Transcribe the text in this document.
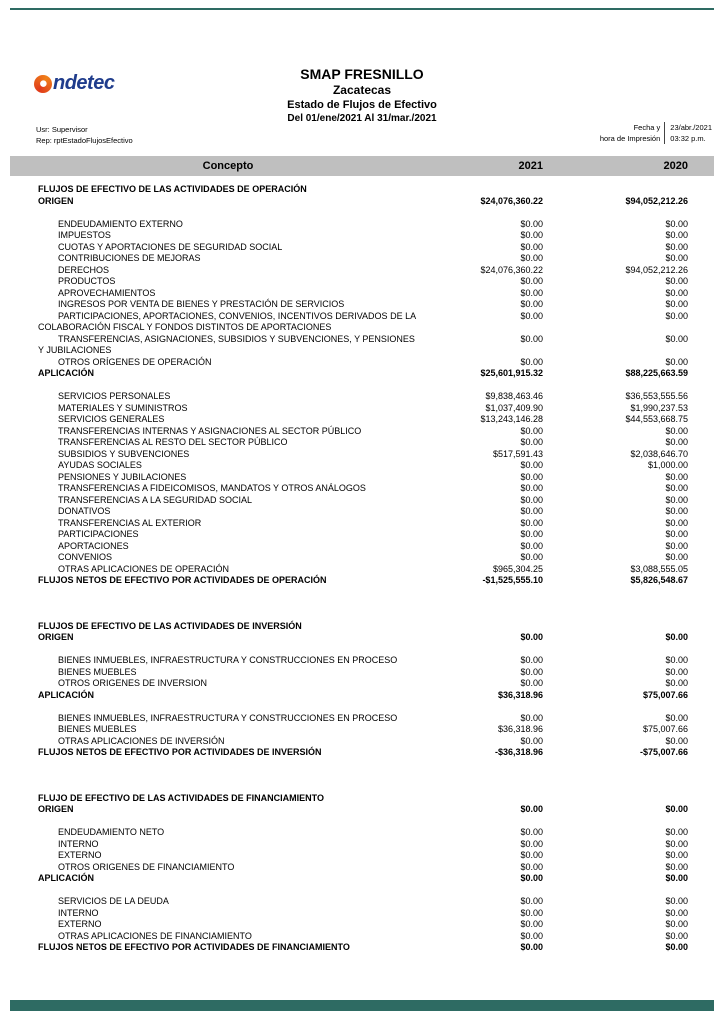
ndetec	SMAP FRESNILLO
Zacatecas
Estado de Flujos de Efectivo
Del 01/ene/2021 Al 31/mar./2021
Usr: Supervisor
Rep: rptEstadoFlujosEfectivo
Fecha y	23/abr./2021
hora de Impresión	03:32 p.m.
Concepto	2021	2020
FLUJOS DE EFECTIVO DE LAS ACTIVIDADES DE OPERACIÓN
ORIGEN	$24,076,360.22	$94,052,212.26
ENDEUDAMIENTO EXTERNO	$0.00	$0.00
IMPUESTOS	$0.00	$0.00
CUOTAS Y APORTACIONES DE SEGURIDAD SOCIAL	$0.00	$0.00
CONTRIBUCIONES DE MEJORAS	$0.00	$0.00
DERECHOS	$24,076,360.22	$94,052,212.26
PRODUCTOS	$0.00	$0.00
APROVECHAMIENTOS	$0.00	$0.00
INGRESOS POR VENTA DE BIENES Y PRESTACIÓN DE SERVICIOS	$0.00	$0.00
PARTICIPACIONES, APORTACIONES, CONVENIOS, INCENTIVOS DERIVADOS DE LA COLABORACIÓN FISCAL Y FONDOS DISTINTOS DE APORTACIONES
$0.00	$0.00
TRANSFERENCIAS, ASIGNACIONES, SUBSIDIOS Y SUBVENCIONES, Y PENSIONES Y JUBILACIONES
$0.00	$0.00
OTROS ORÍGENES DE OPERACIÓN	$0.00	$0.00
APLICACIÓN	$25,601,915.32	$88,225,663.59
SERVICIOS PERSONALES	$9,838,463.46	$36,553,555.56
MATERIALES Y SUMINISTROS	$1,037,409.90	$1,990,237.53
SERVICIOS GENERALES	$13,243,146.28	$44,553,668.75
TRANSFERENCIAS INTERNAS Y ASIGNACIONES AL SECTOR PÚBLICO	$0.00	$0.00
TRANSFERENCIAS AL RESTO DEL SECTOR PÚBLICO	$0.00	$0.00
SUBSIDIOS Y SUBVENCIONES	$517,591.43	$2,038,646.70
AYUDAS SOCIALES	$0.00	$1,000.00
PENSIONES Y JUBILACIONES	$0.00	$0.00
TRANSFERENCIAS A FIDEICOMISOS, MANDATOS Y OTROS ANÁLOGOS	$0.00	$0.00
TRANSFERENCIAS A LA SEGURIDAD SOCIAL	$0.00	$0.00
DONATIVOS	$0.00	$0.00
TRANSFERENCIAS AL EXTERIOR	$0.00	$0.00
PARTICIPACIONES	$0.00	$0.00
APORTACIONES	$0.00	$0.00
CONVENIOS	$0.00	$0.00
OTRAS APLICACIONES DE OPERACIÓN	$965,304.25	$3,088,555.05
FLUJOS NETOS DE EFECTIVO POR ACTIVIDADES DE OPERACIÓN	-$1,525,555.10	$5,826,548.67
FLUJOS DE EFECTIVO DE LAS ACTIVIDADES DE INVERSIÓN
ORIGEN	$0.00	$0.00
BIENES INMUEBLES, INFRAESTRUCTURA Y CONSTRUCCIONES EN PROCESO	$0.00	$0.00
BIENES MUEBLES	$0.00	$0.00
OTROS ORIGENES DE INVERSION	$0.00	$0.00
APLICACIÓN	$36,318.96	$75,007.66
BIENES INMUEBLES, INFRAESTRUCTURA Y CONSTRUCCIONES EN PROCESO	$0.00	$0.00
BIENES MUEBLES	$36,318.96	$75,007.66
OTRAS APLICACIONES DE INVERSIÓN	$0.00	$0.00
FLUJOS NETOS DE EFECTIVO POR ACTIVIDADES DE INVERSIÓN	-$36,318.96	-$75,007.66
FLUJO DE EFECTIVO DE LAS ACTIVIDADES DE FINANCIAMIENTO
ORIGEN	$0.00	$0.00
ENDEUDAMIENTO NETO	$0.00	$0.00
INTERNO	$0.00	$0.00
EXTERNO	$0.00	$0.00
OTROS ORIGENES DE FINANCIAMIENTO	$0.00	$0.00
APLICACIÓN	$0.00	$0.00
SERVICIOS DE LA DEUDA	$0.00	$0.00
INTERNO	$0.00	$0.00
EXTERNO	$0.00	$0.00
OTRAS APLICACIONES DE FINANCIAMIENTO	$0.00	$0.00
FLUJOS NETOS DE EFECTIVO POR ACTIVIDADES DE FINANCIAMIENTO	$0.00	$0.00
